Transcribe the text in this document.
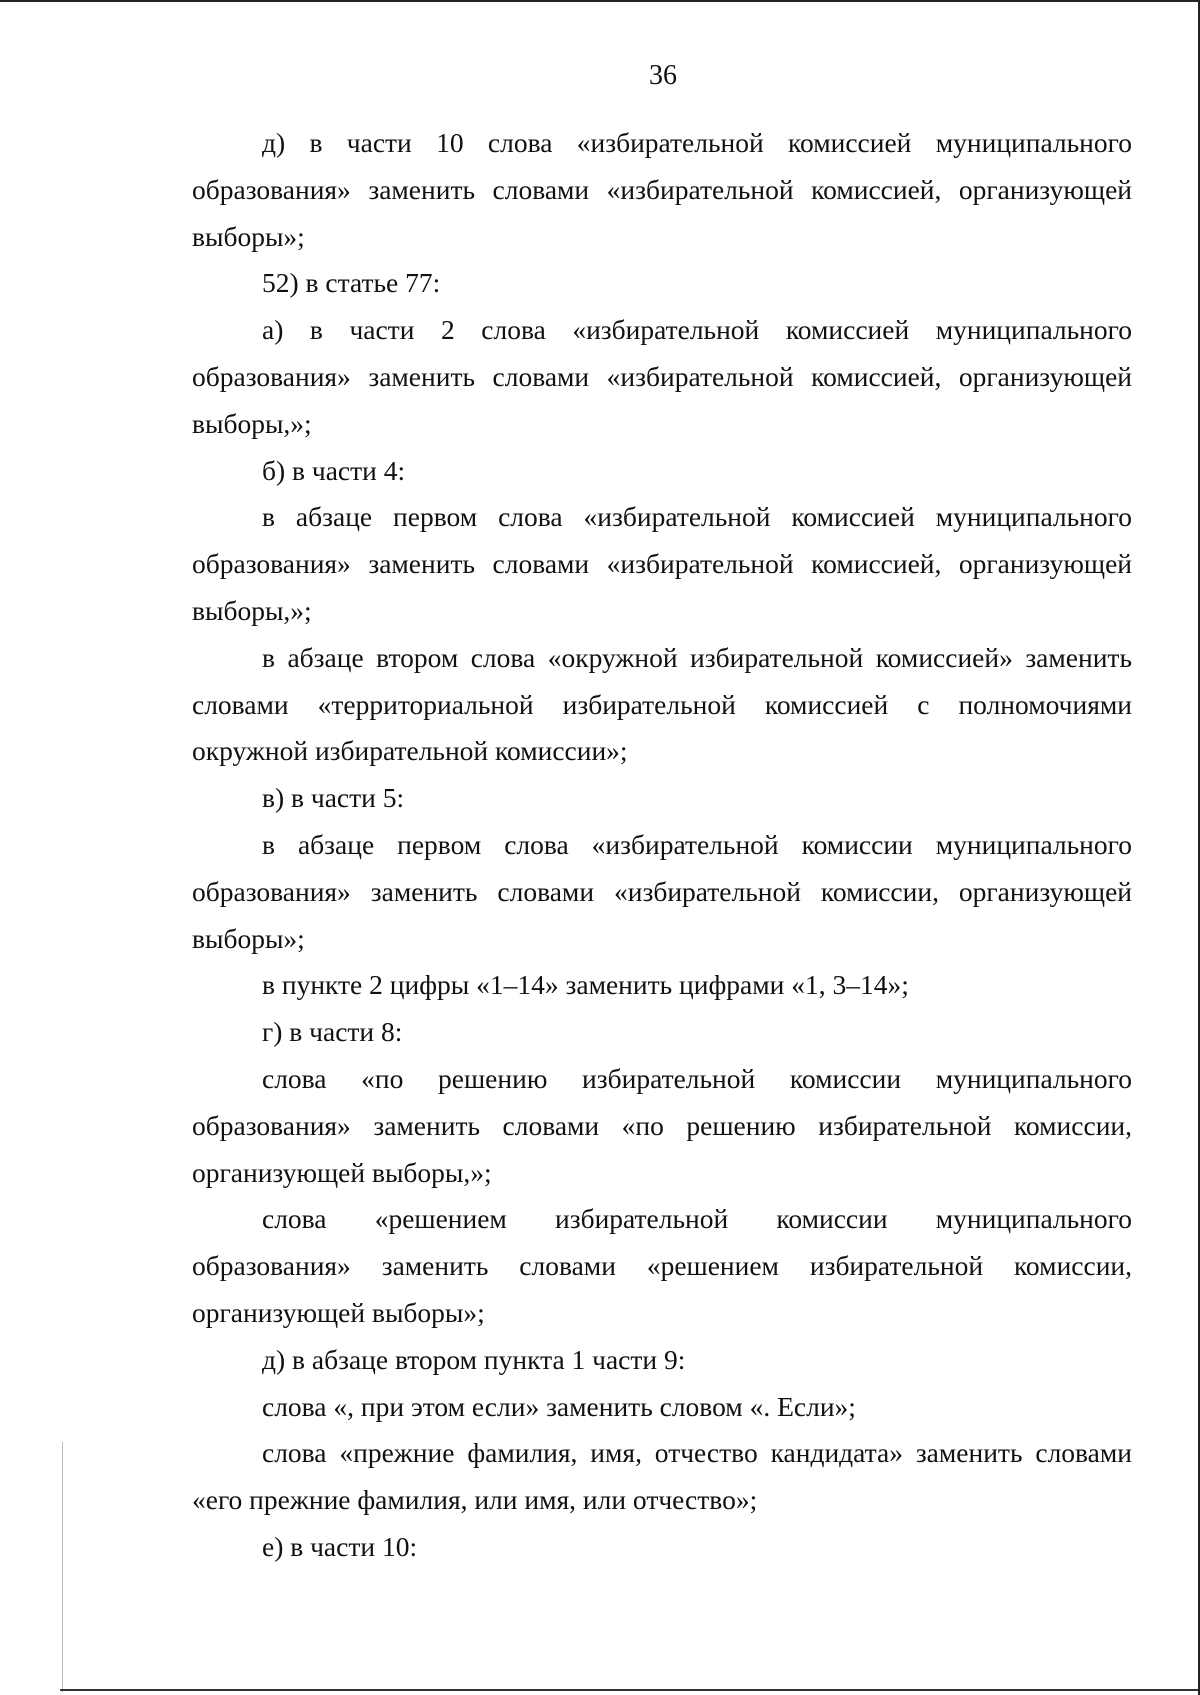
36

д) в части 10 слова «избирательной комиссией муниципального образования» заменить словами «избирательной комиссией, организующей выборы»;

52) в статье 77:

а) в части 2 слова «избирательной комиссией муниципального образования» заменить словами «избирательной комиссией, организующей выборы,»;

б) в части 4:

в абзаце первом слова «избирательной комиссией муниципального образования» заменить словами «избирательной комиссией, организующей выборы,»;

в абзаце втором слова «окружной избирательной комиссией» заменить словами «территориальной избирательной комиссией с полномочиями окружной избирательной комиссии»;

в) в части 5:

в абзаце первом слова «избирательной комиссии муниципального образования» заменить словами «избирательной комиссии, организующей выборы»;

в пункте 2 цифры «1–14» заменить цифрами «1, 3–14»;

г) в части 8:

слова «по решению избирательной комиссии муниципального образования» заменить словами «по решению избирательной комиссии, организующей выборы,»;

слова «решением избирательной комиссии муниципального образования» заменить словами «решением избирательной комиссии, организующей выборы»;

д) в абзаце втором пункта 1 части 9:

слова «, при этом если» заменить словом «. Если»;

слова «прежние фамилия, имя, отчество кандидата» заменить словами «его прежние фамилия, или имя, или отчество»;

е) в части 10:
